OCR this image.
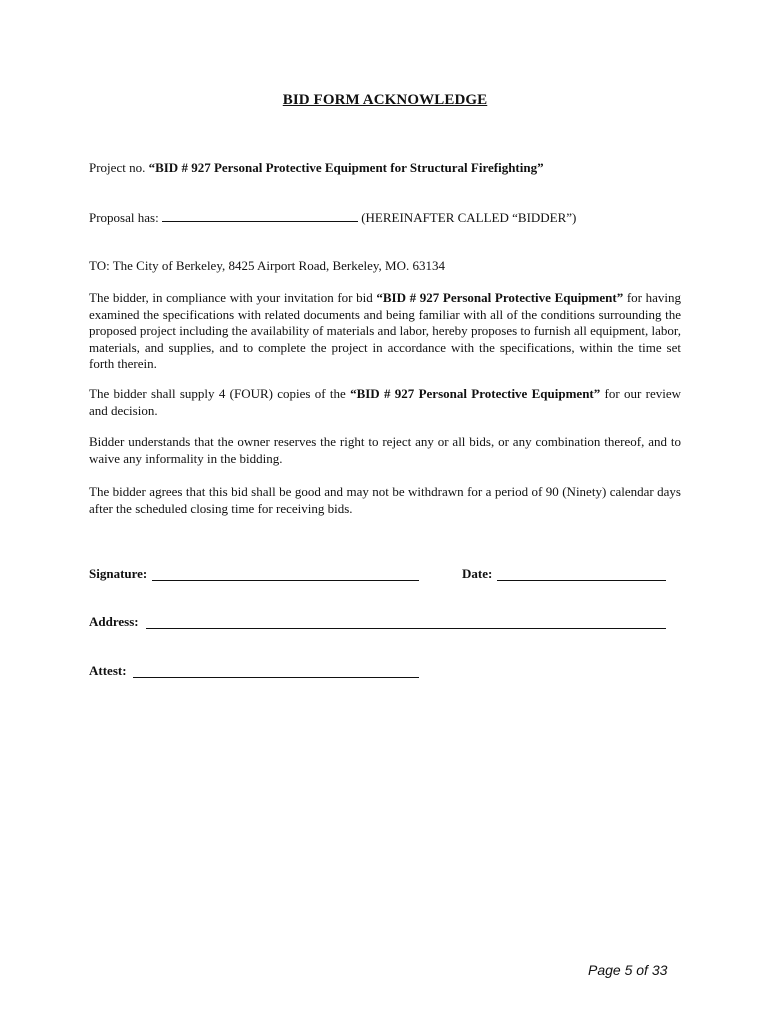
BID FORM ACKNOWLEDGE
Project no. “BID # 927 Personal Protective Equipment for Structural Firefighting”
Proposal has:	(HEREINAFTER CALLED “BIDDER”)
TO: The City of Berkeley, 8425 Airport Road, Berkeley, MO. 63134
The bidder, in compliance with your invitation for bid “BID # 927 Personal Protective Equipment” for having examined the specifications with related documents and being familiar with all of the conditions surrounding the proposed project including the availability of materials and labor, hereby proposes to furnish all equipment, labor, materials, and supplies, and to complete the project in accordance with the specifications, within the time set forth therein.
The bidder shall supply 4 (FOUR) copies of the “BID # 927 Personal Protective Equipment” for our review and decision.
Bidder understands that the owner reserves the right to reject any or all bids, or any combination thereof, and to waive any informality in the bidding.
The bidder agrees that this bid shall be good and may not be withdrawn for a period of 90 (Ninety) calendar days after the scheduled closing time for receiving bids.
Signature:	Date:
Address:
Attest:
Page 5 of 33
